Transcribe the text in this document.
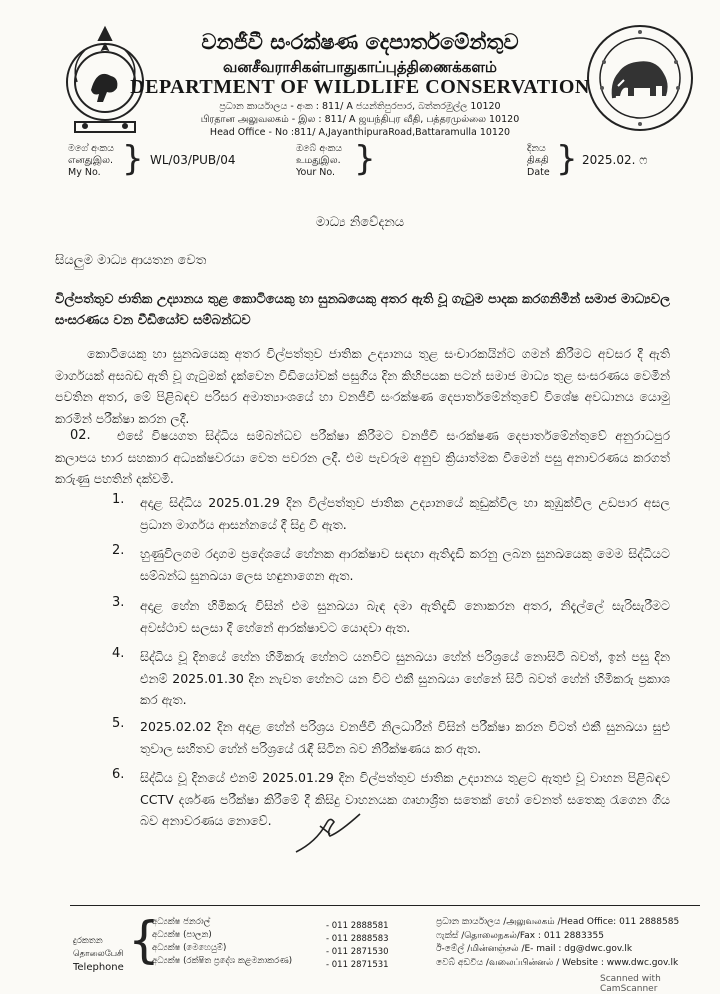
වනජීවී සංරක්ෂණ දෙපාර්තමේන්තුව
வனசீவராசிகள்பாதுகாப்புத்திணைக்களம்
DEPARTMENT OF WILDLIFE CONSERVATION
ප්‍රධාන කාර්යාලය - අංක : 811/ A ජයන්තිපුරපාර, බත්තරමුල්ල 10120
பிரதான அலுவலகம் - இல : 811/ A ஜயந்திபுர வீதி, பத்தரமுல்லை 10120
Head Office - No :811/ A,JayanthipuraRoad,Battaramulla 10120
මගේ අංකය
எனதுஇல.
My No. } WL/03/PUB/04
ඔබේ අංකය
உமதுஇல.
Your No. }	දිනය
திகதி
Date } 2025.02. ෆ
මාධ්‍ය නිවේදනය
සියලුම මාධ්‍ය ආයතන වෙත
විල්පත්තුව ජාතික උද්‍යානය තුළ කොටියෙකු හා සුනඛයෙකු අතර ඇති වූ ගැටුම පාදක කරගනිමින් සමාජ මාධ්‍යවල සංසරණය වන වීඩියෝව සම්බන්ධව
කොටියෙකු හා සුනඛයෙකු අතර විල්පත්තුව ජාතික උද්‍යානය තුළ සංචාරකයින්ට ගමන් කිරීමට අවසර දී ඇති මාර්ගයක් අසබඩ ඇති වූ ගැටුමක් දැක්වෙන වීඩියෝවක් පසුගිය දින කිහිපයක පටන් සමාජ මාධ්‍ය තුළ සංසරණය වෙමින් පවතින අතර, මේ පිළිබඳව පරිසර අමාත්‍යාංශයේ හා වනජීවී සංරක්ෂණ දෙපාර්තමේන්තුවේ විශේෂ අවධානය යොමු කරමින් පරීක්ෂා කරන ලදී.
02.	එසේ විෂයගත සිද්ධිය සම්බන්ධව පරීක්ෂා කිරීමට වනජීවී සංරක්ෂණ දෙපාර්තමේන්තුවේ අනුරාධපුර කලාපය භාර සහකාර අධ්‍යක්ෂවරයා වෙත පවරන ලදී. එම පැවරුම අනුව ක්‍රියාත්මක වීමෙන් පසු අනාවරණය කරගත් කරුණු පහතින් දක්වමි.
1. අදාළ සිද්ධිය 2025.01.29 දින විල්පත්තුව ජාතික උද්‍යානයේ කුඩුක්විල හා කුඹුක්විල උඩපාර අසල ප්‍රධාන මාර්ගය ආසන්නයේ දී සිදු වී ඇත.
2. හුණුවිලගම රදාගම ප්‍රදේශයේ හේනක ආරක්ෂාව සඳහා ඇතිදැඩි කරනු ලබන සුනඛයෙකු මෙම සිද්ධියට සම්බන්ධ සුනඛයා ලෙස හඳුනාගෙන ඇත.
3. අදාළ හේන හිමිකරු විසින් එම සුනඛයා බැඳ දමා ඇතිදැඩි නොකරන අතර, නිදැල්ලේ සැරිසැරීමට අවස්ථාව සලසා දී හේනේ ආරක්ෂාවට යොදවා ඇත.
4. සිද්ධිය වූ දිනයේ හේන හිමිකරු හේනට යනවිට සුනඛයා හේන් පරිශ්‍රයේ නොසිටි බවත්, ඉන් පසු දින එනම් 2025.01.30 දින නැවත හේනට යන විට එකී සුනඛයා හේනේ සිටි බවත් හේන් හිමිකරු ප්‍රකාශ කර ඇත.
5. 2025.02.02 දින අදාළ හේන් පරිශ්‍රය වනජීවී නිලධාරීන් විසින් පරීක්ෂා කරන විටත් එකී සුනඛයා සුළු තුවාල සහිතව හේන් පරිශ්‍රයේ රැඳී සිටින බව නිරීක්ෂණය කර ඇත.
6. සිද්ධිය වූ දිනයේ එනම් 2025.01.29 දින විල්පත්තුව ජාතික උද්‍යානය තුළට ඇතුළු වූ වාහන පිළිබඳව CCTV දර්ශණ පරීක්ෂා කිරීමේ දී කිසිදු වාහනයක ගෘහාශ්‍රිත සතෙක් හෝ වෙනත් සතෙකු රැගෙන ගිය බව අනාවරණය නොවේ.
දුරකතන
தொலைபேசி
Telephone {
අධ්‍යක්ෂ ජනරාල්
අධ්‍යක්ෂ (පාලන)
අධ්‍යක්ෂ (මෙහෙයුම්)
අධ්‍යක්ෂ (රක්ෂිත ප්‍රදේශ කළමනාකරණ)
- 011 2888581
- 011 2888583
- 011 2871530
- 011 2871531
ප්‍රධාන කාර්යාලය /அலுவலகம் /Head Office: 011 2888585
ෆැක්ස් /தொலைநகல்/Fax : 011 2883355
ඊ-මේල් /மின்னஞ்சல் /E- mail : dg@dwc.gov.lk
වෙබ් අඩවිය /வலைப்பின்னல் / Website : www.dwc.gov.lk
Scanned with CamScanner
